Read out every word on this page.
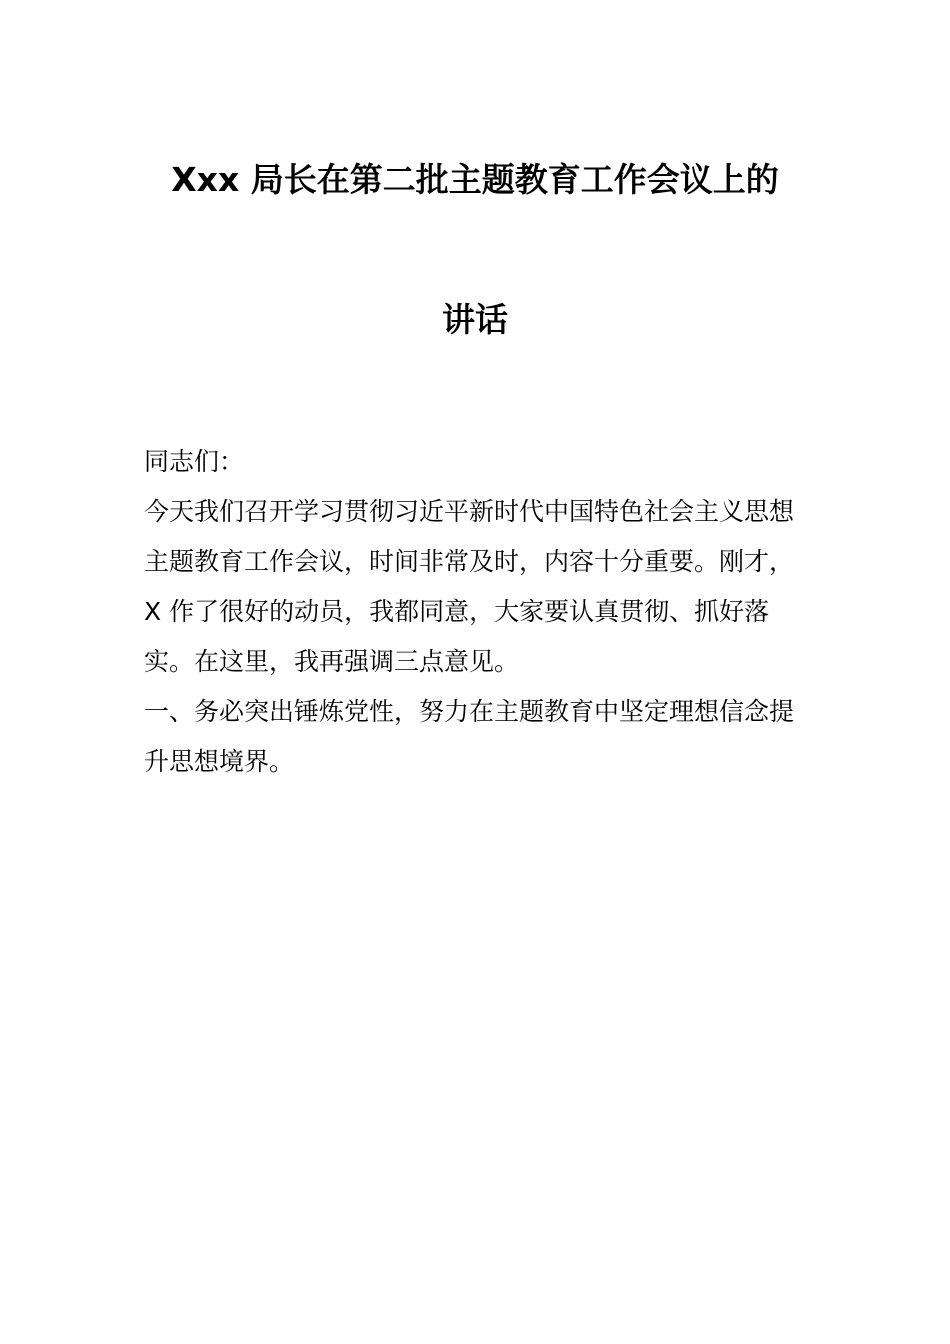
Xxx 局长在第二批主题教育工作会议上的
讲话

同志们：

今天我们召开学习贯彻习近平新时代中国特色社会主义思想主题教育工作会议，时间非常及时，内容十分重要。刚才，X 作了很好的动员，我都同意，大家要认真贯彻、抓好落实。在这里，我再强调三点意见。

一、务必突出锤炼党性，努力在主题教育中坚定理想信念提升思想境界。
